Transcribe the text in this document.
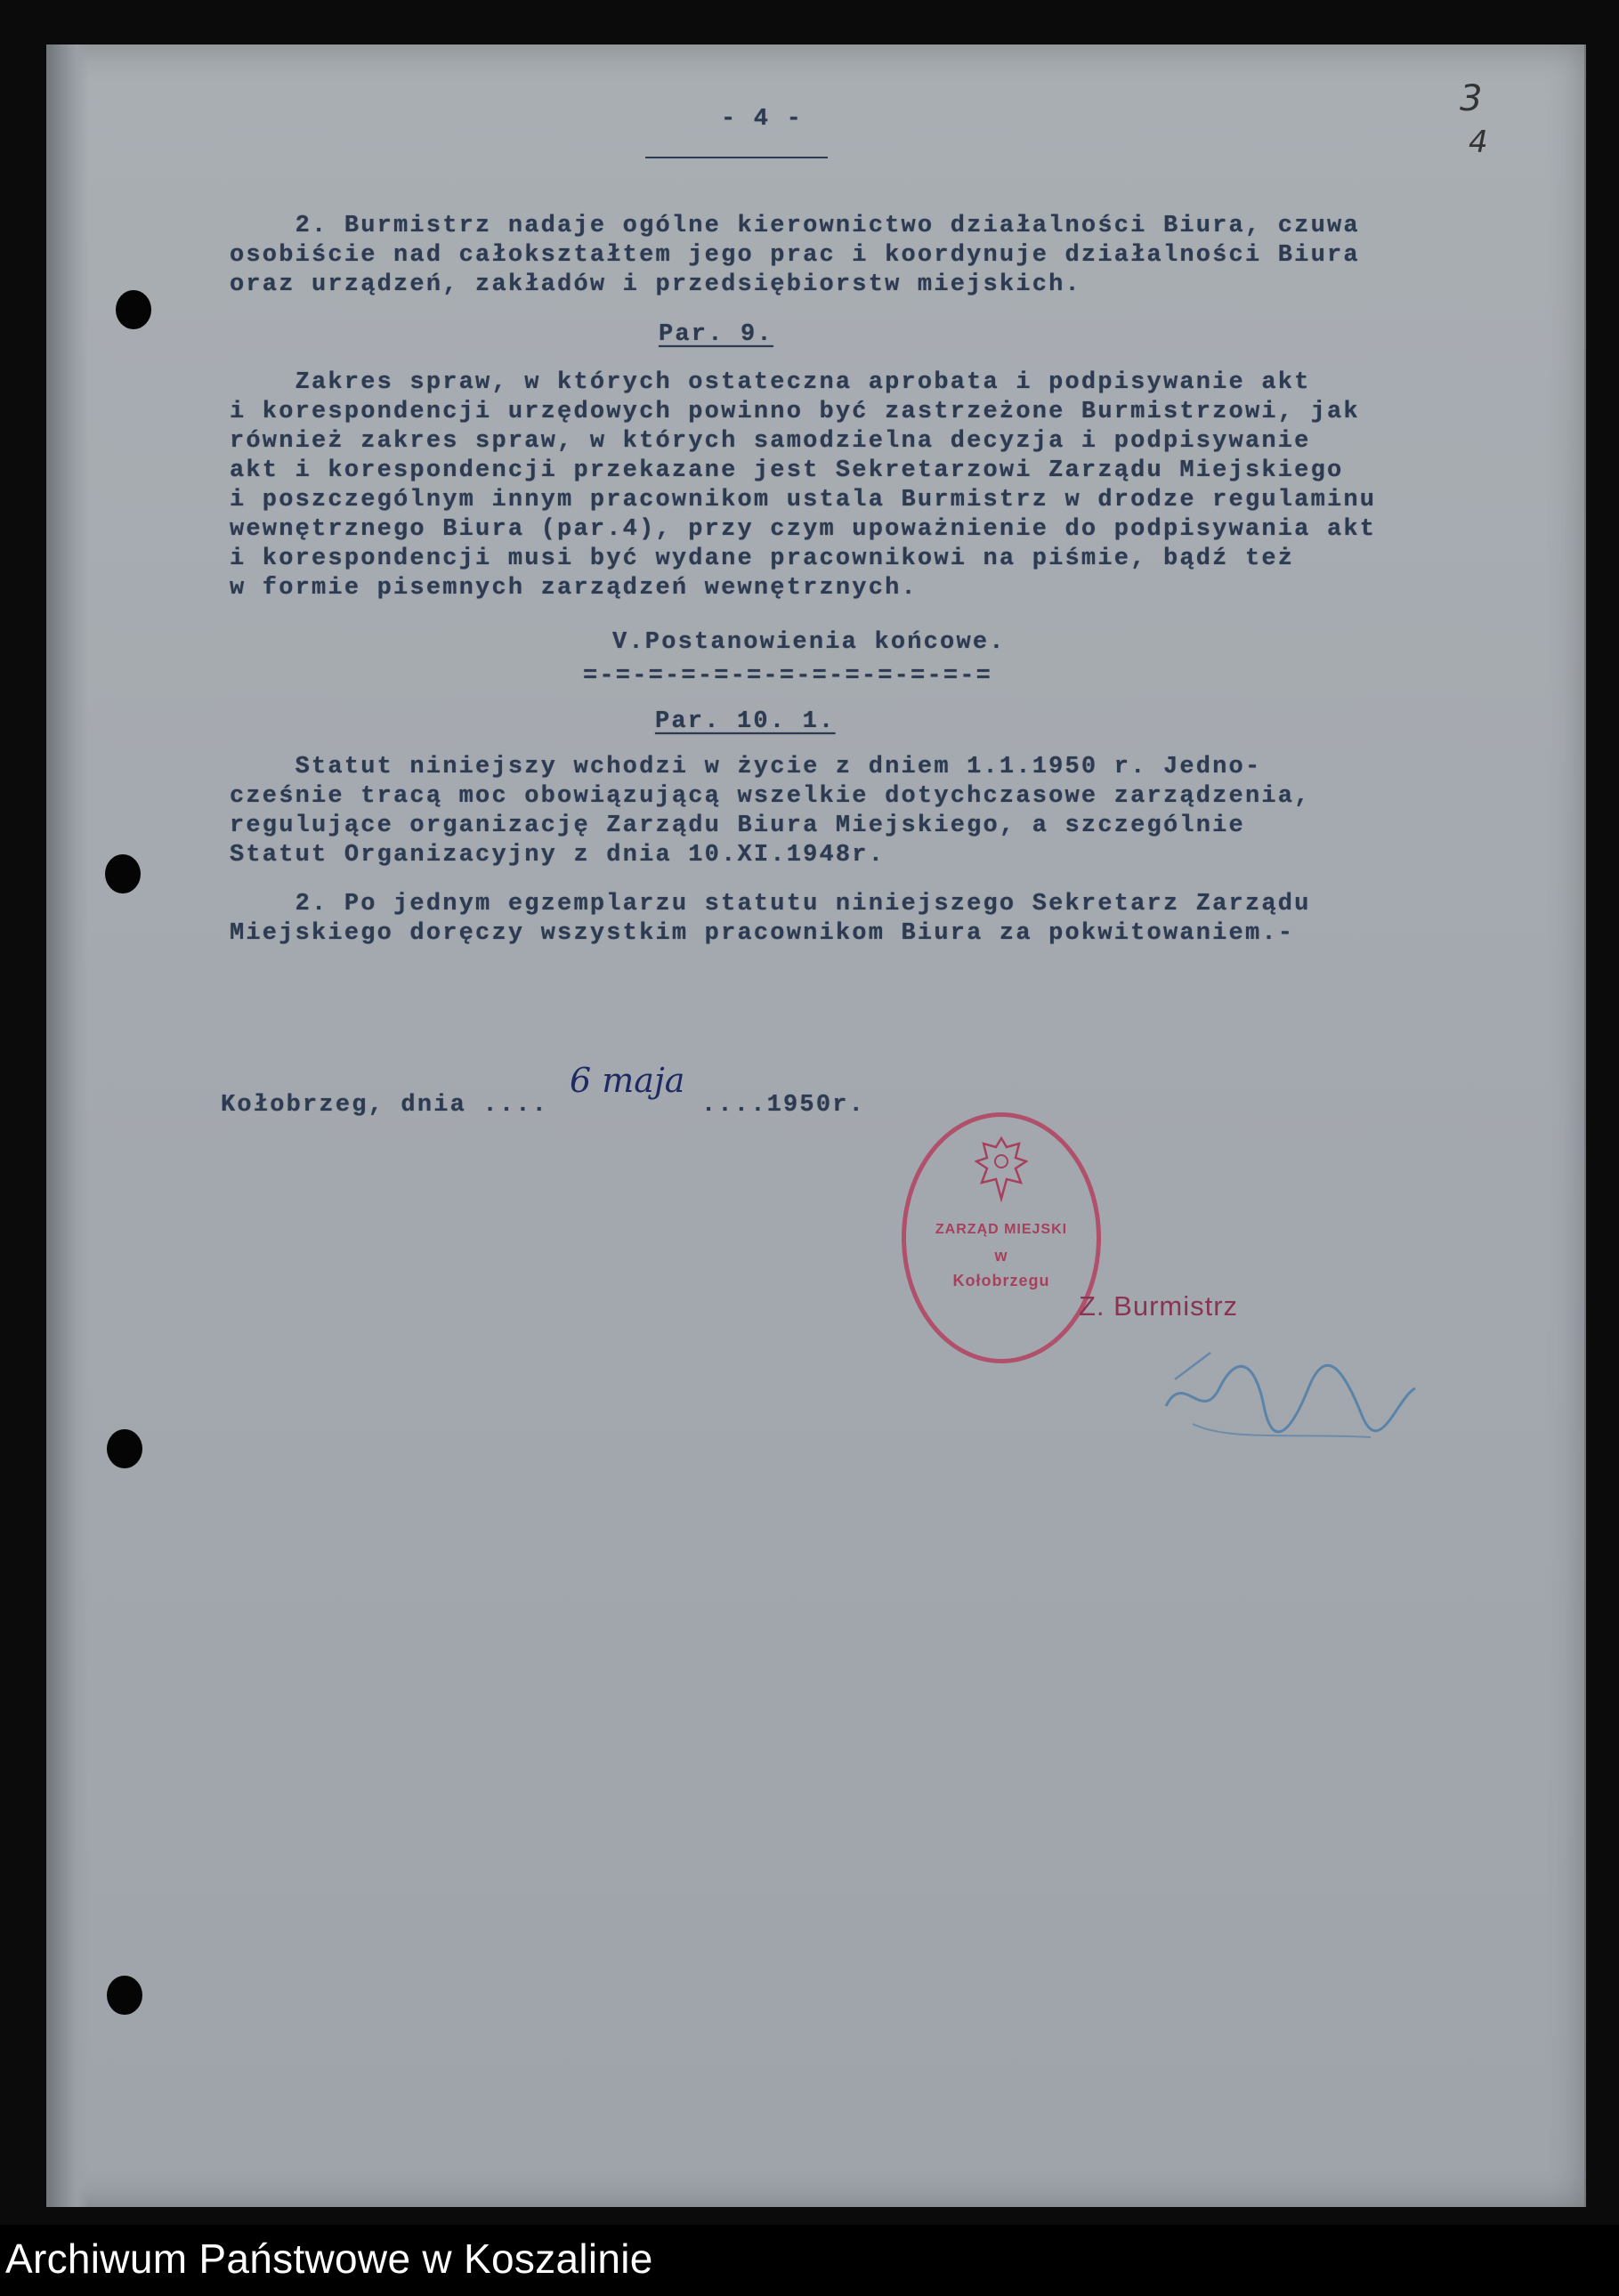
- 4 -	3
4
2. Burmistrz nadaje ogólne kierownictwo działalności Biura, czuwa
osobiście nad całokształtem jego prac i koordynuje działalności Biura
oraz urządzeń, zakładów i przedsiębiorstw miejskich.
Par. 9.
Zakres spraw, w których ostateczna aprobata i podpisywanie akt
i korespondencji urzędowych powinno być zastrzeżone Burmistrzowi, jak
również zakres spraw, w których samodzielna decyzja i podpisywanie
akt i korespondencji przekazane jest Sekretarzowi Zarządu Miejskiego
i poszczególnym innym pracownikom ustala Burmistrz w drodze regulaminu
wewnętrznego Biura (par.4), przy czym upoważnienie do podpisywania akt
i korespondencji musi być wydane pracownikowi na piśmie, bądź też
w formie pisemnych zarządzeń wewnętrznych.
V.Postanowienia końcowe.
=-=-=-=-=-=-=-=-=-=-=-=-=
Par. 10. 1.
Statut niniejszy wchodzi w życie z dniem 1.1.1950 r. Jedno-
cześnie tracą moc obowiązującą wszelkie dotychczasowe zarządzenia,
regulujące organizację Zarządu Biura Miejskiego, a szczególnie
Statut Organizacyjny z dnia 10.XI.1948r.
2. Po jednym egzemplarzu statutu niniejszego Sekretarz Zarządu
Miejskiego doręczy wszystkim pracownikom Biura za pokwitowaniem.-
Kołobrzeg, dnia ....
6 maja
....1950r.
ZARZĄD MIEJSKI
w
Kołobrzegu
Z. Burmistrz
Archiwum Państwowe w Koszalinie
